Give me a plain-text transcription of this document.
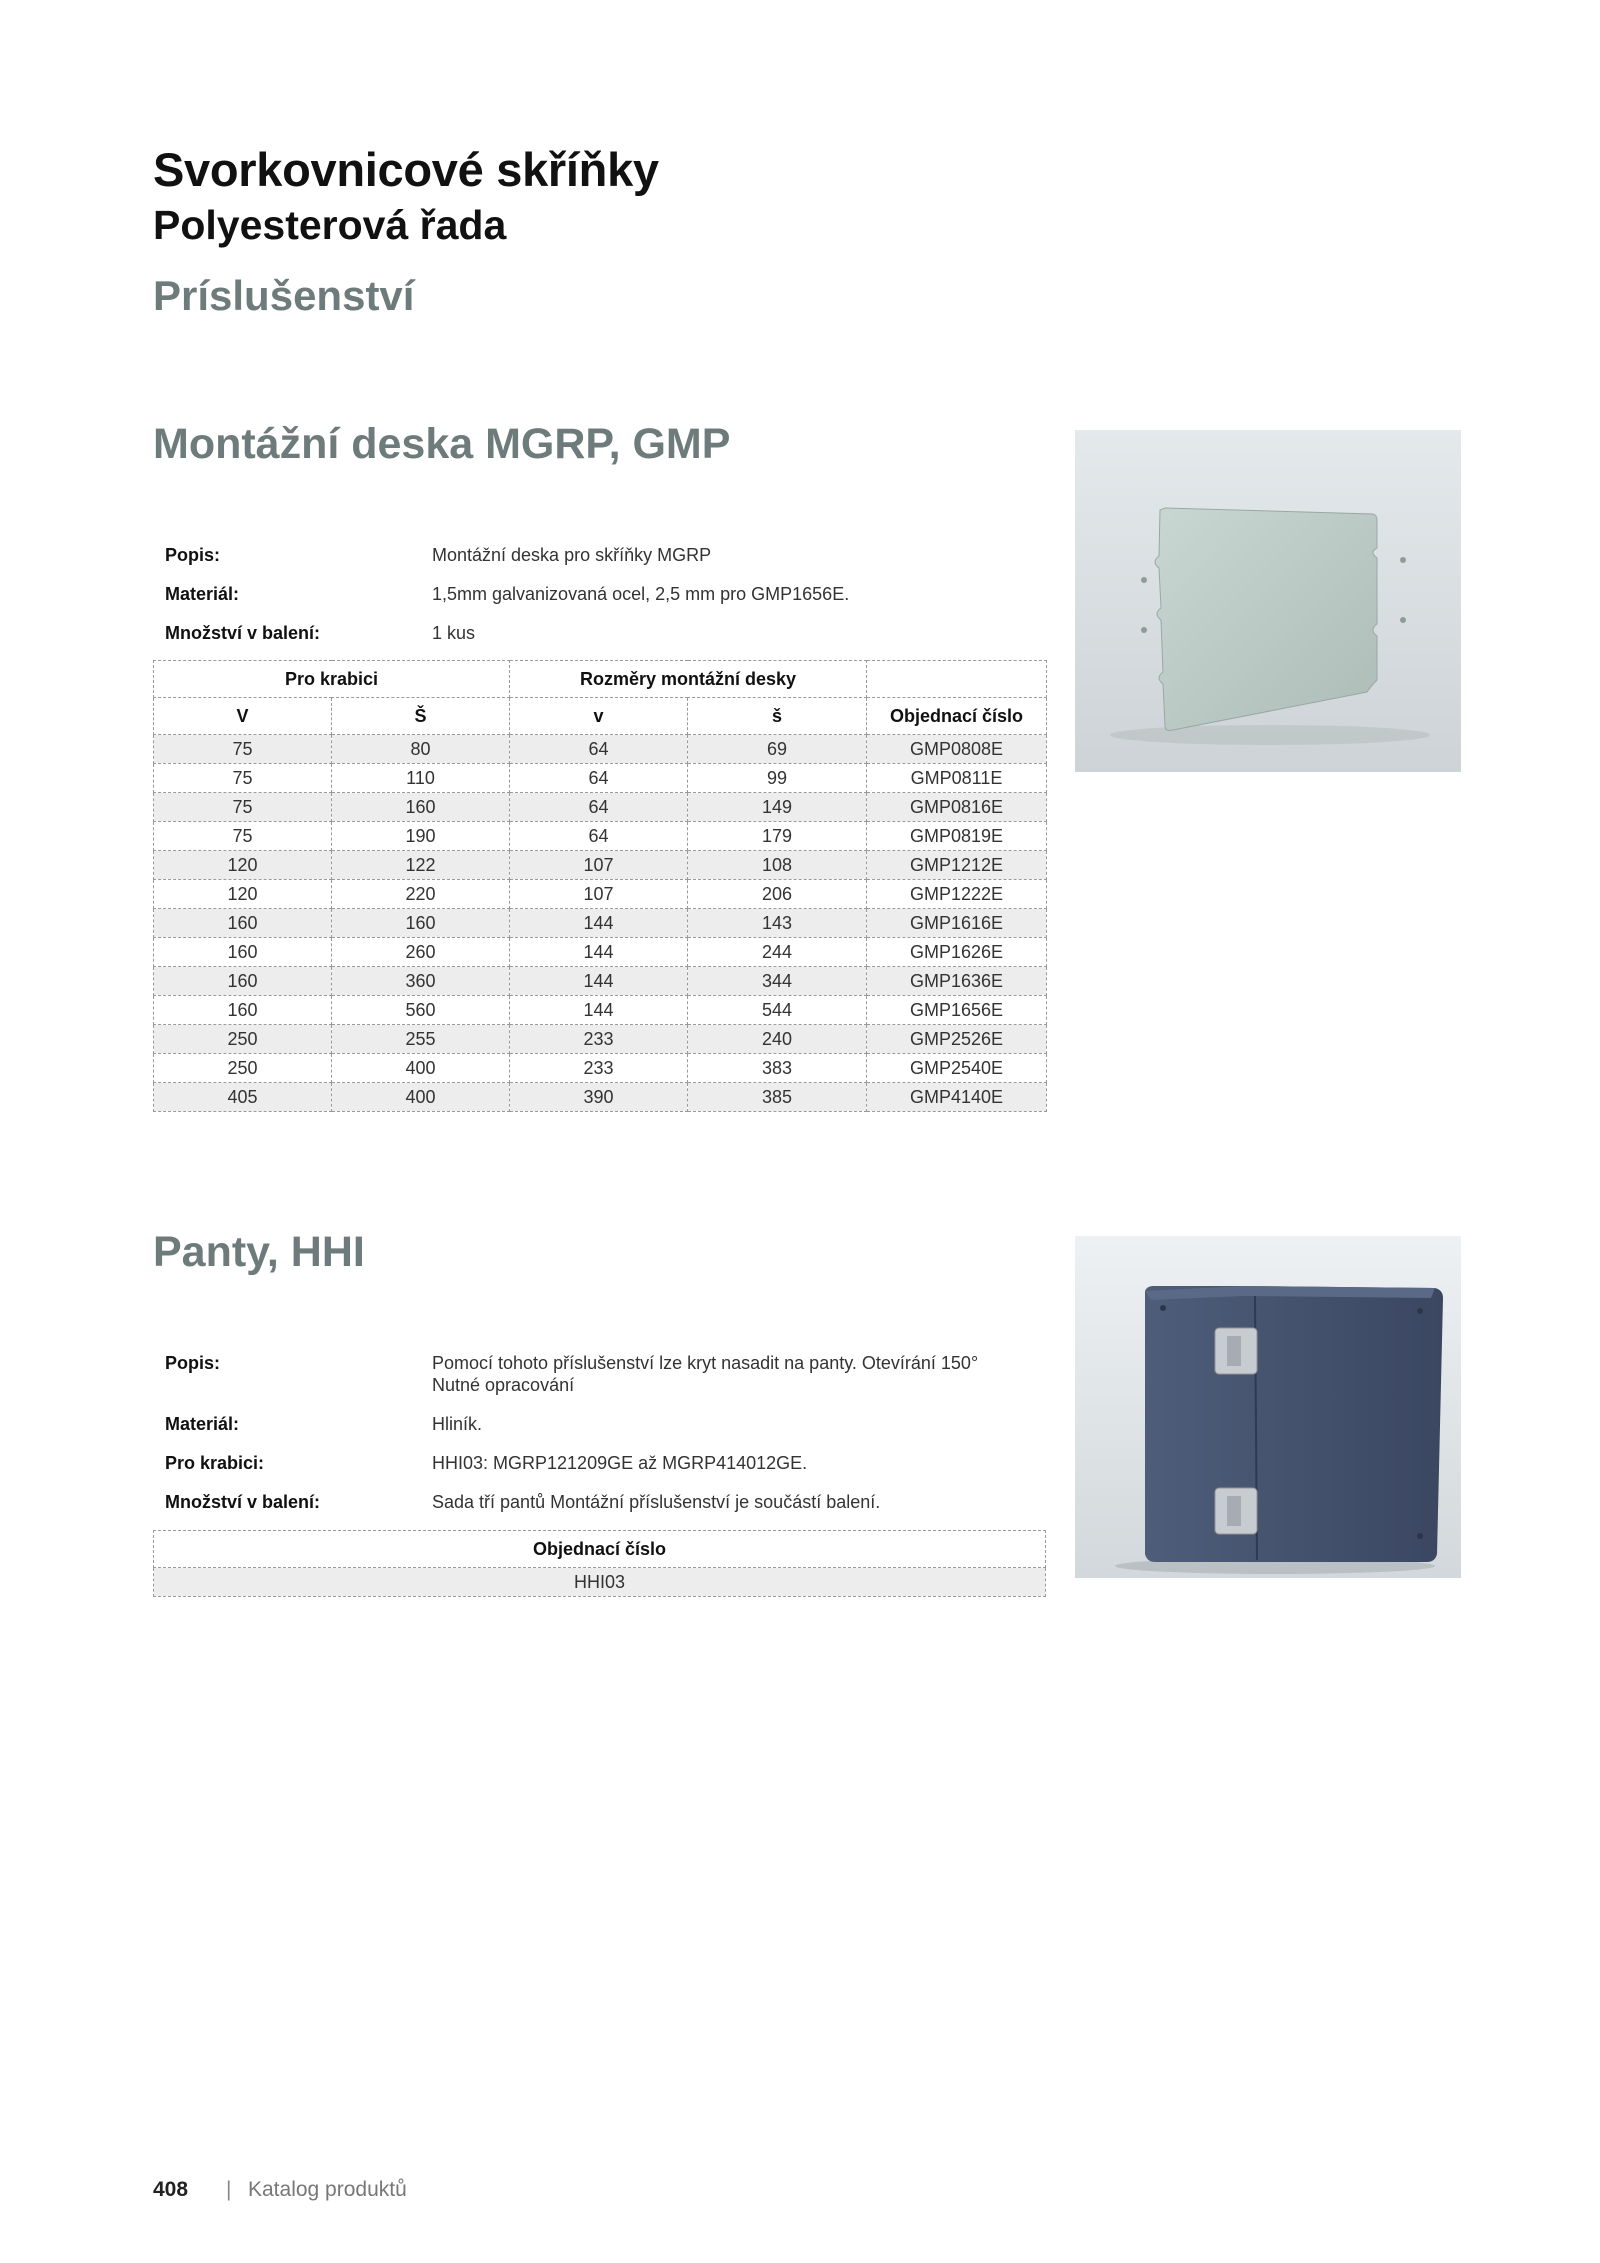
Svorkovnicové skříňky
Polyesterová řada
Príslušenství
Montážní deska MGRP, GMP
Popis:	Montážní deska pro skříňky MGRP
Materiál:	1,5mm galvanizovaná ocel, 2,5 mm pro GMP1656E.
Množství v balení:	1 kus
Pro krabici		Rozměry montážní desky		
V	Š	v	š	Objednací číslo
75	80	64	69	GMP0808E
75	110	64	99	GMP0811E
75	160	64	149	GMP0816E
75	190	64	179	GMP0819E
120	122	107	108	GMP1212E
120	220	107	206	GMP1222E
160	160	144	143	GMP1616E
160	260	144	244	GMP1626E
160	360	144	344	GMP1636E
160	560	144	544	GMP1656E
250	255	233	240	GMP2526E
250	400	233	383	GMP2540E
405	400	390	385	GMP4140E
Panty, HHI
Popis:	Pomocí tohoto příslušenství lze kryt nasadit na panty. Otevírání 150°
Nutné opracování
Materiál:	Hliník.
Pro krabici:	HHI03: MGRP121209GE až MGRP414012GE.
Množství v balení:	Sada tří pantů Montážní příslušenství je součástí balení.
Objednací číslo
HHI03
408 | Katalog produktů
